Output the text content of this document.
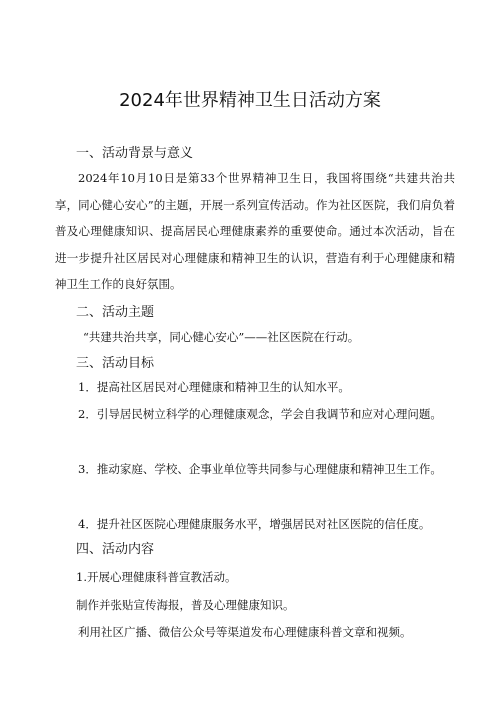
2024年世界精神卫生日活动方案
一、活动背景与意义

2024年10月10日是第33个世界精神卫生日，我国将围绕“共建共治共享，同心健心安心”的主题，开展一系列宣传活动。作为社区医院，我们肩负着普及心理健康知识、提高居民心理健康素养的重要使命。通过本次活动，旨在进一步提升社区居民对心理健康和精神卫生的认识，营造有利于心理健康和精神卫生工作的良好氛围。

二、活动主题

“共建共治共享，同心健心安心”——社区医院在行动。

三、活动目标

1．提高社区居民对心理健康和精神卫生的认知水平。

2．引导居民树立科学的心理健康观念，学会自我调节和应对心理问题。

3．推动家庭、学校、企事业单位等共同参与心理健康和精神卫生工作。

4．提升社区医院心理健康服务水平，增强居民对社区医院的信任度。

四、活动内容

1.开展心理健康科普宣教活动。

制作并张贴宣传海报，普及心理健康知识。

利用社区广播、微信公众号等渠道发布心理健康科普文章和视频。
